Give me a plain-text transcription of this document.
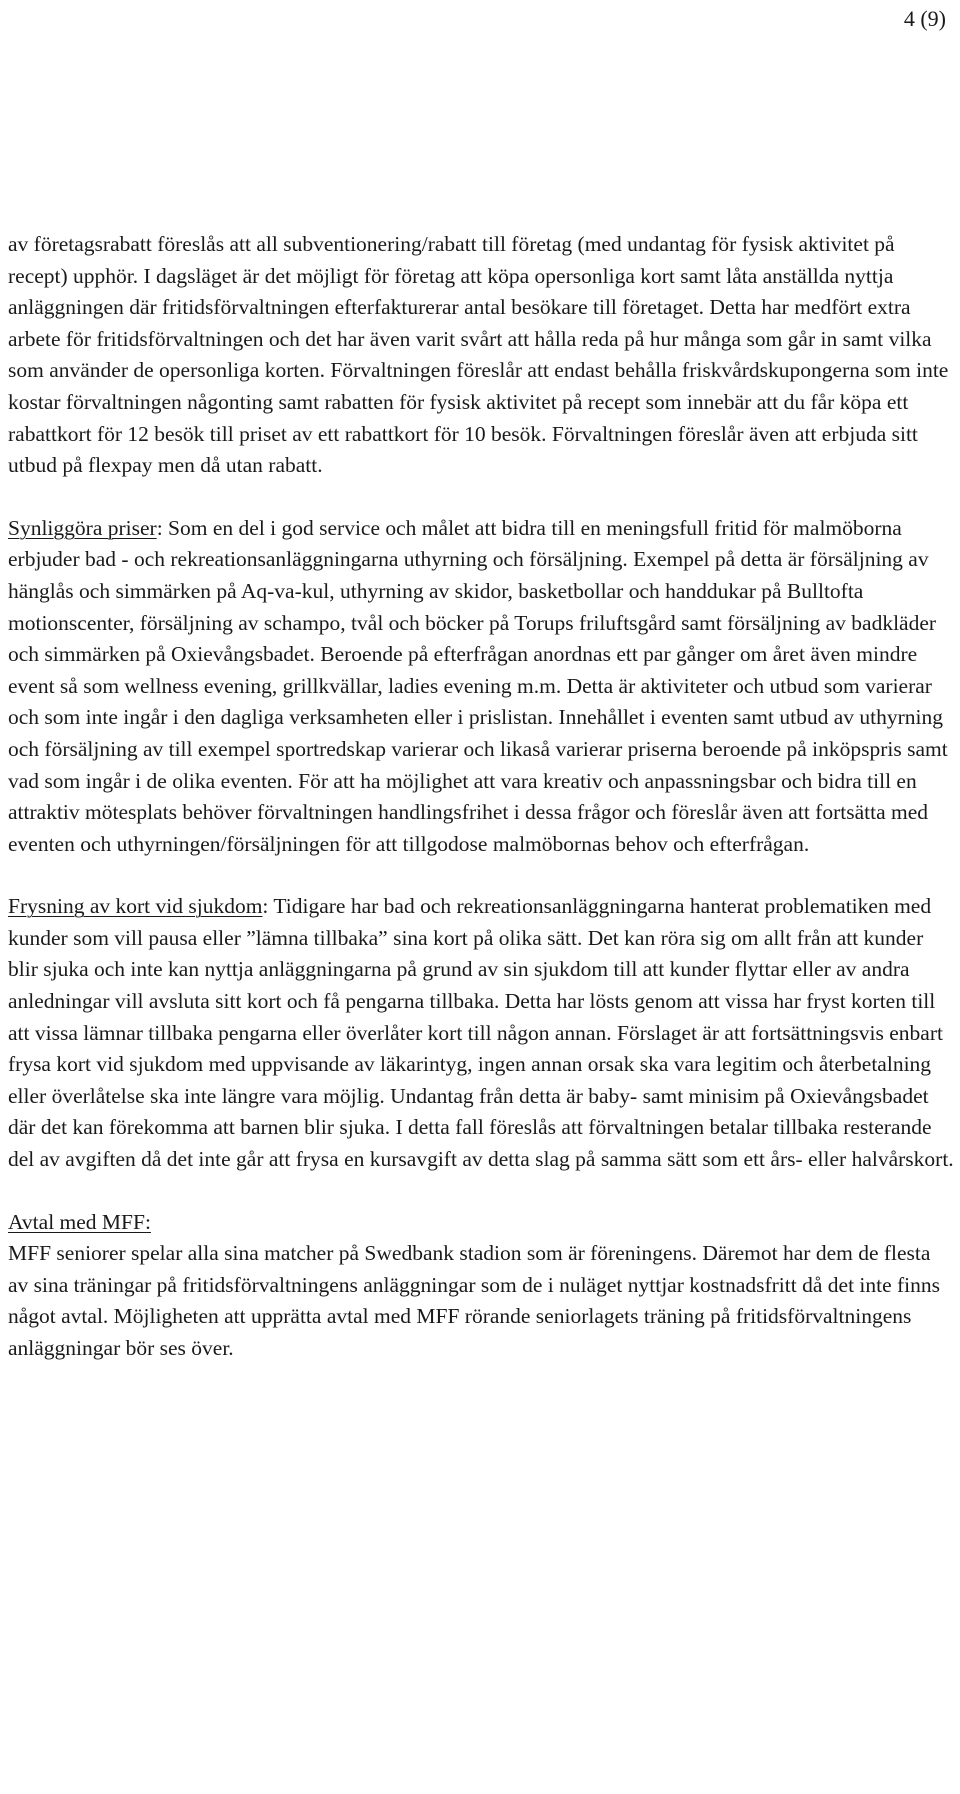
4 (9)

av företagsrabatt föreslås att all subventionering/rabatt till företag (med undantag för fysisk aktivitet på recept) upphör. I dagsläget är det möjligt för företag att köpa opersonliga kort samt låta anställda nyttja anläggningen där fritidsförvaltningen efterfakturerar antal besökare till företaget. Detta har medfört extra arbete för fritidsförvaltningen och det har även varit svårt att hålla reda på hur många som går in samt vilka som använder de opersonliga korten. Förvaltningen föreslår att endast behålla friskvårdskupongerna som inte kostar förvaltningen någonting samt rabatten för fysisk aktivitet på recept som innebär att du får köpa ett rabattkort för 12 besök till priset av ett rabattkort för 10 besök. Förvaltningen föreslår även att erbjuda sitt utbud på flexpay men då utan rabatt.

Synliggöra priser: Som en del i god service och målet att bidra till en meningsfull fritid för malmöborna erbjuder bad - och rekreationsanläggningarna uthyrning och försäljning. Exempel på detta är försäljning av hänglås och simmärken på Aq-va-kul, uthyrning av skidor, basketbollar och handdukar på Bulltofta motionscenter, försäljning av schampo, tvål och böcker på Torups friluftsgård samt försäljning av badkläder och simmärken på Oxievångsbadet. Beroende på efterfrågan anordnas ett par gånger om året även mindre event så som wellness evening, grillkvällar, ladies evening m.m. Detta är aktiviteter och utbud som varierar och som inte ingår i den dagliga verksamheten eller i prislistan. Innehållet i eventen samt utbud av uthyrning och försäljning av till exempel sportredskap varierar och likaså varierar priserna beroende på inköpspris samt vad som ingår i de olika eventen. För att ha möjlighet att vara kreativ och anpassningsbar och bidra till en attraktiv mötesplats behöver förvaltningen handlingsfrihet i dessa frågor och föreslår även att fortsätta med eventen och uthyrningen/försäljningen för att tillgodose malmöbornas behov och efterfrågan.

Frysning av kort vid sjukdom: Tidigare har bad och rekreationsanläggningarna hanterat problematiken med kunder som vill pausa eller ”lämna tillbaka” sina kort på olika sätt. Det kan röra sig om allt från att kunder blir sjuka och inte kan nyttja anläggningarna på grund av sin sjukdom till att kunder flyttar eller av andra anledningar vill avsluta sitt kort och få pengarna tillbaka. Detta har lösts genom att vissa har fryst korten till att vissa lämnar tillbaka pengarna eller överlåter kort till någon annan. Förslaget är att fortsättningsvis enbart frysa kort vid sjukdom med uppvisande av läkarintyg, ingen annan orsak ska vara legitim och återbetalning eller överlåtelse ska inte längre vara möjlig. Undantag från detta är baby- samt minisim på Oxievångsbadet där det kan förekomma att barnen blir sjuka. I detta fall föreslås att förvaltningen betalar tillbaka resterande del av avgiften då det inte går att frysa en kursavgift av detta slag på samma sätt som ett års- eller halvårskort.

Avtal med MFF:
MFF seniorer spelar alla sina matcher på Swedbank stadion som är föreningens. Däremot har dem de flesta av sina träningar på fritidsförvaltningens anläggningar som de i nuläget nyttjar kostnadsfritt då det inte finns något avtal. Möjligheten att upprätta avtal med MFF rörande seniorlagets träning på fritidsförvaltningens anläggningar bör ses över.
